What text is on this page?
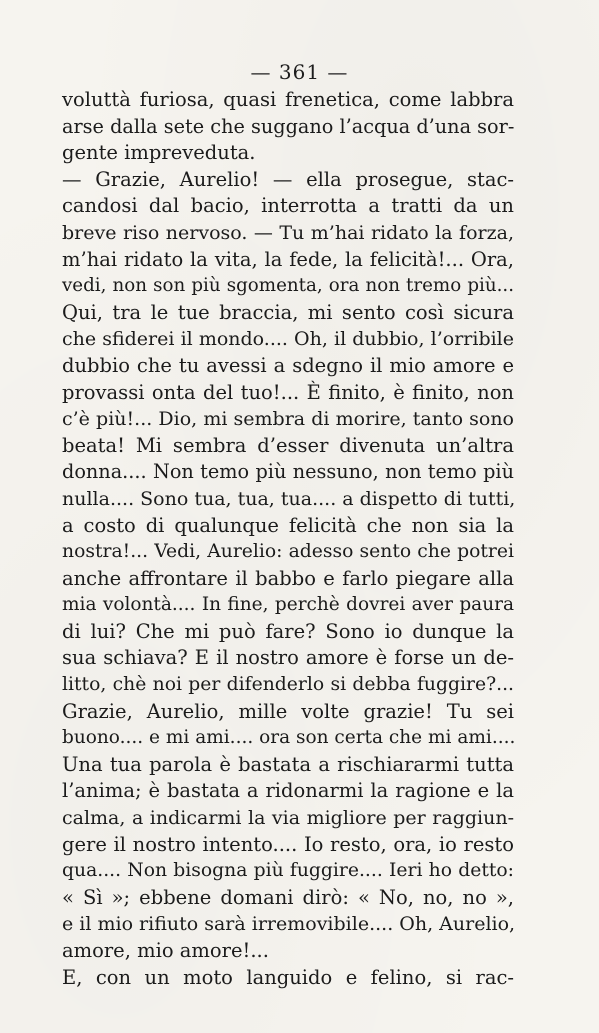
— 361 —
voluttà furiosa, quasi frenetica, come labbra
arse dalla sete che suggano l’acqua d’una sor-
gente impreveduta.
— Grazie, Aurelio! — ella prosegue, stac-
candosi dal bacio, interrotta a tratti da un
breve riso nervoso. — Tu m’hai ridato la forza,
m’hai ridato la vita, la fede, la felicità!... Ora,
vedi, non son più sgomenta, ora non tremo più...
Qui, tra le tue braccia, mi sento così sicura
che sfiderei il mondo.... Oh, il dubbio, l’orribile
dubbio che tu avessi a sdegno il mio amore e
provassi onta del tuo!... È finito, è finito, non
c’è più!... Dio, mi sembra di morire, tanto sono
beata! Mi sembra d’esser divenuta un’altra
donna.... Non temo più nessuno, non temo più
nulla.... Sono tua, tua, tua.... a dispetto di tutti,
a costo di qualunque felicità che non sia la
nostra!... Vedi, Aurelio: adesso sento che potrei
anche affrontare il babbo e farlo piegare alla
mia volontà.... In fine, perchè dovrei aver paura
di lui? Che mi può fare? Sono io dunque la
sua schiava? E il nostro amore è forse un de-
litto, chè noi per difenderlo si debba fuggire?...
Grazie, Aurelio, mille volte grazie! Tu sei
buono.... e mi ami.... ora son certa che mi ami....
Una tua parola è bastata a rischiararmi tutta
l’anima; è bastata a ridonarmi la ragione e la
calma, a indicarmi la via migliore per raggiun-
gere il nostro intento.... Io resto, ora, io resto
qua.... Non bisogna più fuggire.... Ieri ho detto:
« Sì »; ebbene domani dirò: « No, no, no »,
e il mio rifiuto sarà irremovibile.... Oh, Aurelio,
amore, mio amore!...
E, con un moto languido e felino, si rac-
